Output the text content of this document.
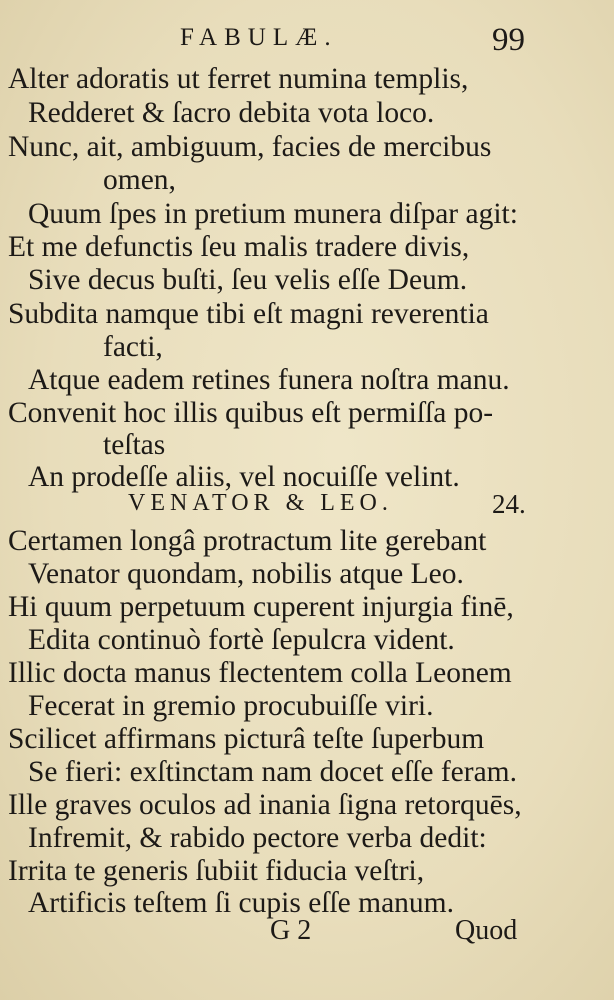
FABULÆ.	99
Alter adoratis ut ferret numina templis,
Redderet & ſacro debita vota loco.
Nunc, ait, ambiguum, facies de mercibus
omen,
Quum ſpes in pretium munera diſpar agit:
Et me defunctis ſeu malis tradere divis,
Sive decus buſti, ſeu velis eſſe Deum.
Subdita namque tibi eſt magni reverentia
facti,
Atque eadem retines funera noſtra manu.
Convenit hoc illis quibus eſt permiſſa po-
teſtas
An prodeſſe aliis, vel nocuiſſe velint.
VENATOR & LEO.	24.
Certamen longâ protractum lite gerebant
Venator quondam, nobilis atque Leo.
Hi quum perpetuum cuperent injurgia finē,
Edita continuò fortè ſepulcra vident.
Illic docta manus flectentem colla Leonem
Fecerat in gremio procubuiſſe viri.
Scilicet affirmans picturâ teſte ſuperbum
Se fieri: exſtinctam nam docet eſſe feram.
Ille graves oculos ad inania ſigna retorquēs,
Infremit, & rabido pectore verba dedit:
Irrita te generis ſubiit fiducia veſtri,
Artificis teſtem ſi cupis eſſe manum.
G 2	Quod
